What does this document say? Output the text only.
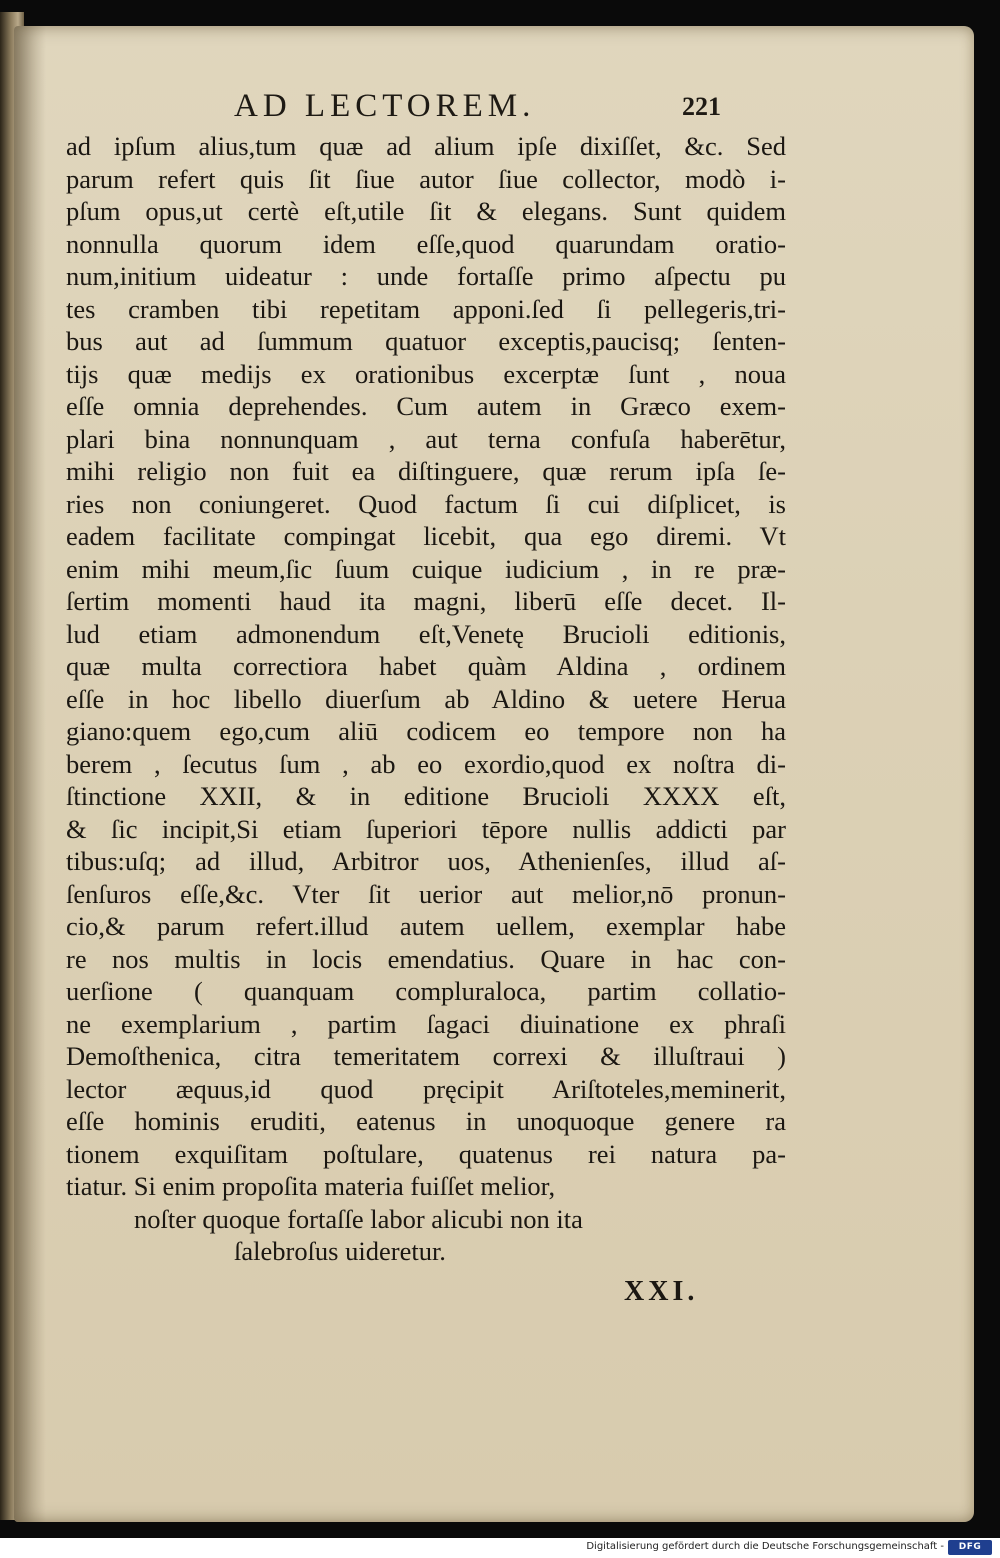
AD LECTOREM.	221
ad ipſum alius,tum quæ ad alium ipſe dixiſſet, &c. Sed
parum refert quis ſit ſiue autor ſiue collector, modò i-
pſum opus,ut certè eſt,utile ſit & elegans. Sunt quidem
nonnulla quorum idem eſſe,quod quarundam oratio-
num,initium uideatur : unde fortaſſe primo aſpectu pu
tes cramben tibi repetitam apponi.ſed ſi pellegeris,tri-
bus aut ad ſummum quatuor exceptis,paucisq; ſenten-
tijs quæ medijs ex orationibus excerptæ ſunt , noua
eſſe omnia deprehendes. Cum autem in Græco exem-
plari bina nonnunquam , aut terna confuſa haberētur,
mihi religio non fuit ea diſtinguere, quæ rerum ipſa ſe-
ries non coniungeret. Quod factum ſi cui diſplicet, is
eadem facilitate compingat licebit, qua ego diremi. Vt
enim mihi meum,ſic ſuum cuique iudicium , in re præ-
ſertim momenti haud ita magni, liberū eſſe decet. Il-
lud etiam admonendum eſt,Venetę Brucioli editionis,
quæ multa correctiora habet quàm Aldina , ordinem
eſſe in hoc libello diuerſum ab Aldino & uetere Herua
giano:quem ego,cum aliū codicem eo tempore non ha
berem , ſecutus ſum , ab eo exordio,quod ex noſtra di-
ſtinctione XXII, & in editione Brucioli XXXX eſt,
& ſic incipit,Si etiam ſuperiori tēpore nullis addicti par
tibus:uſq; ad illud, Arbitror uos, Athenienſes, illud aſ-
ſenſuros eſſe,&c. Vter ſit uerior aut melior,nō pronun-
cio,& parum refert.illud autem uellem, exemplar habe
re nos multis in locis emendatius. Quare in hac con-
uerſione ( quanquam compluraloca, partim collatio-
ne exemplarium , partim ſagaci diuinatione ex phraſi
Demoſthenica, citra temeritatem correxi & illuſtraui )
lector æquus,id quod pręcipit Ariſtoteles,meminerit,
eſſe hominis eruditi, eatenus in unoquoque genere ra
tionem exquiſitam poſtulare, quatenus rei natura pa-
tiatur. Si enim propoſita materia fuiſſet melior,
noſter quoque fortaſſe labor alicubi non ita
ſalebroſus uideretur.
XXI.
Digitalisierung gefördert durch die Deutsche Forschungsgemeinschaft -	DFG
